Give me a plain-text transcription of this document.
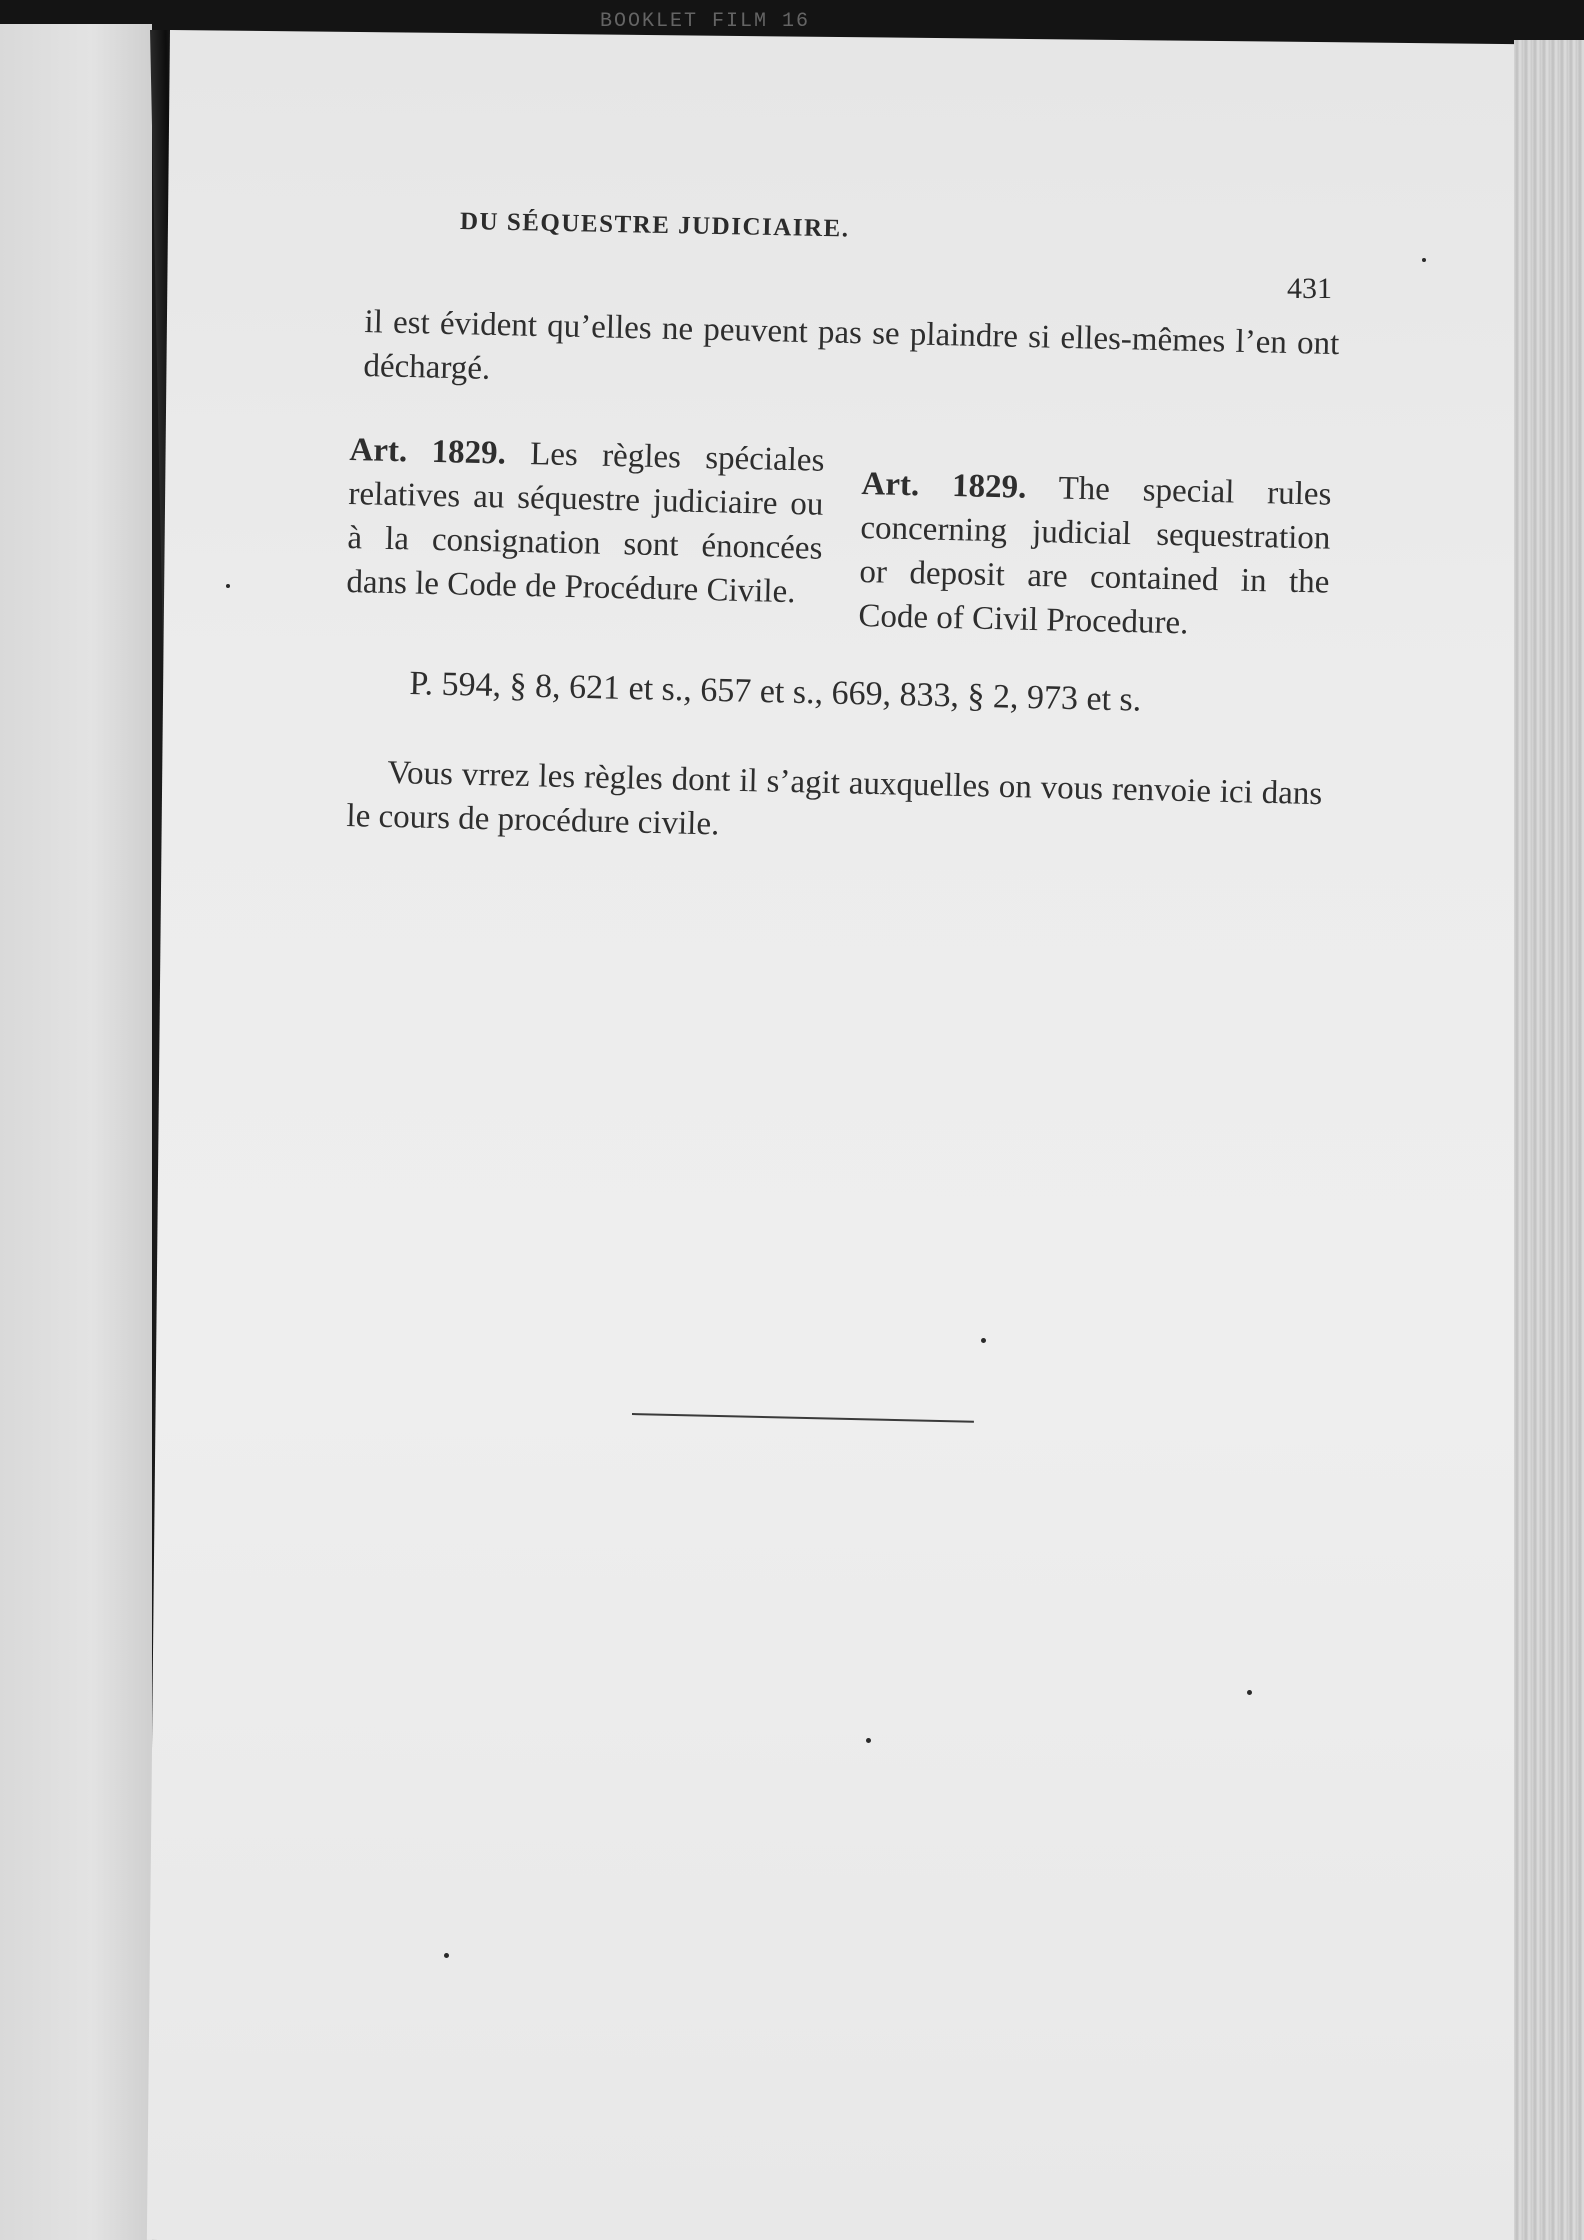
BOOKLET FILM 16
DU SÉQUESTRE JUDICIAIRE.
431
il est évident qu’elles ne peuvent pas se plaindre si elles-mêmes l’en ont déchargé.
Art. 1829. Les règles spéciales relatives au séquestre judiciaire ou à la consignation sont énoncées dans le Code de Procédure Civile.
Art. 1829. The special rules concerning judicial sequestration or deposit are contained in the Code of Civil Procedure.
P. 594, § 8, 621 et s., 657 et s., 669, 833, § 2, 973 et s.

Vous vrrez les règles dont il s’agit auxquelles on vous renvoie ici dans le cours de procédure civile.
